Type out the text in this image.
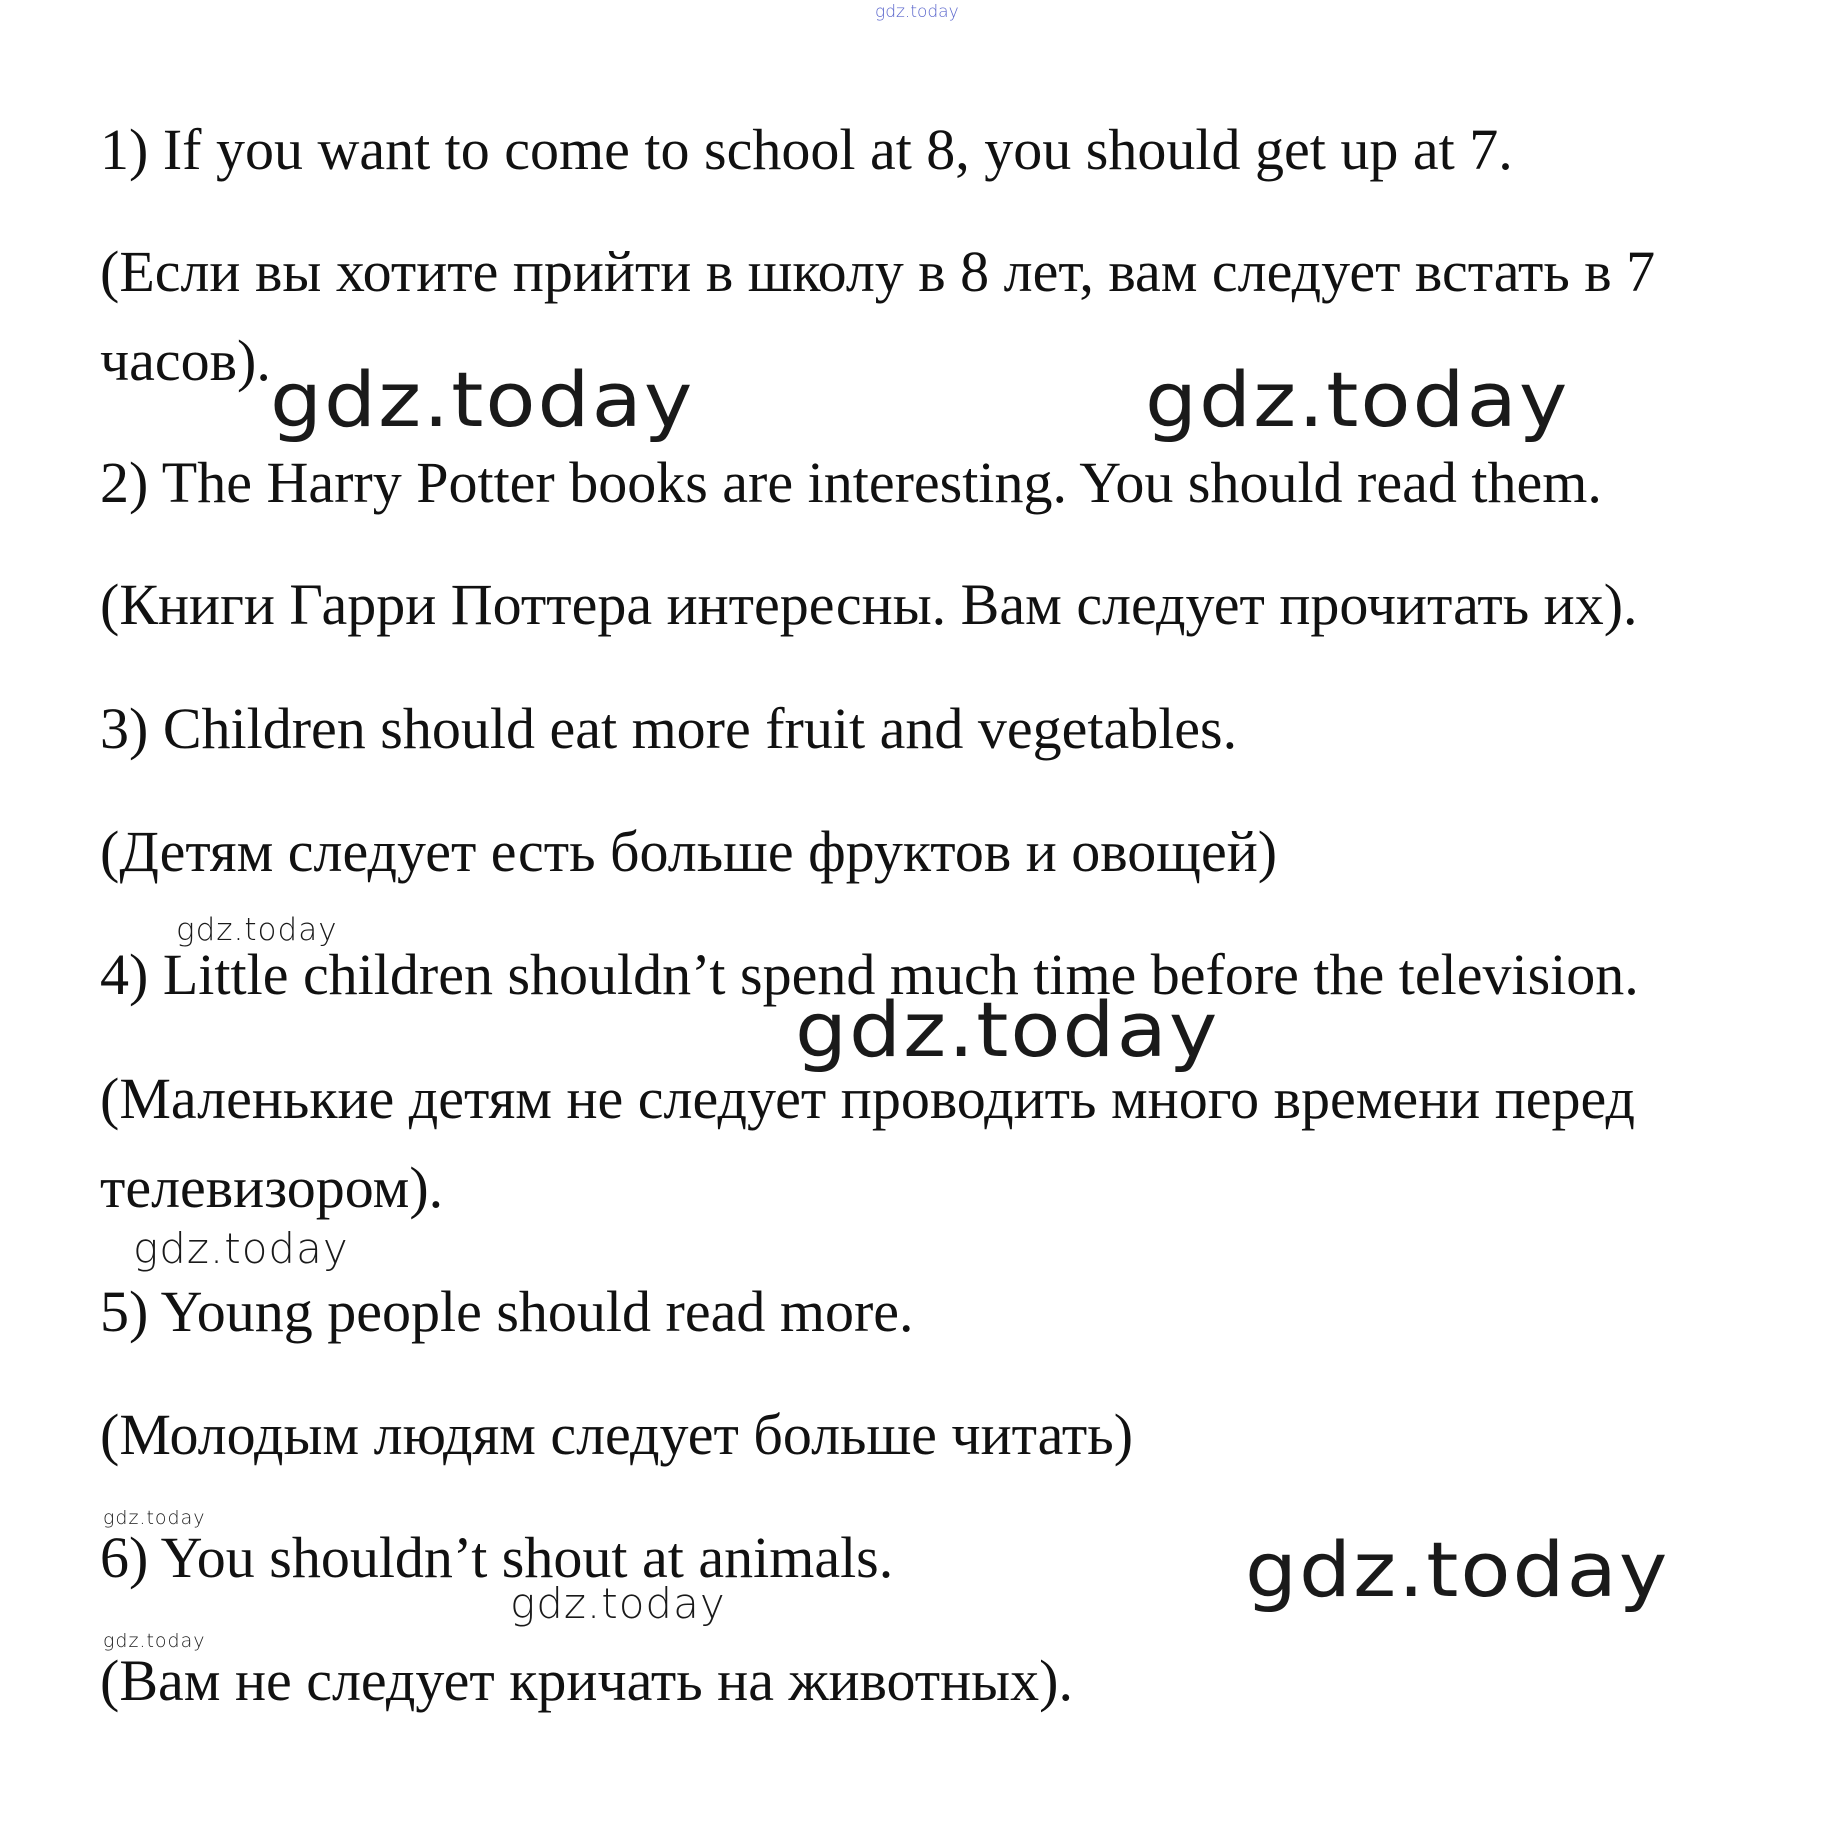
1) If you want to come to school at 8, you should get up at 7.
(Если вы хотите прийти в школу в 8 лет, вам следует встать в 7
часов).
2) The Harry Potter books are interesting. You should read them.
(Книги Гарри Поттера интересны. Вам следует прочитать их).
3) Children should eat more fruit and vegetables.
(Детям следует есть больше фруктов и овощей)
4) Little children shouldn’t spend much time before the television.
(Маленькие детям не следует проводить много времени перед
телевизором).
5) Young people should read more.
(Молодым людям следует больше читать)
6) You shouldn’t shout at animals.
(Вам не следует кричать на животных).
gdz.today
gdz.today	gdz.today
gdz.today
gdz.today
gdz.today
gdz.today
gdz.today
gdz.today
gdz.today
